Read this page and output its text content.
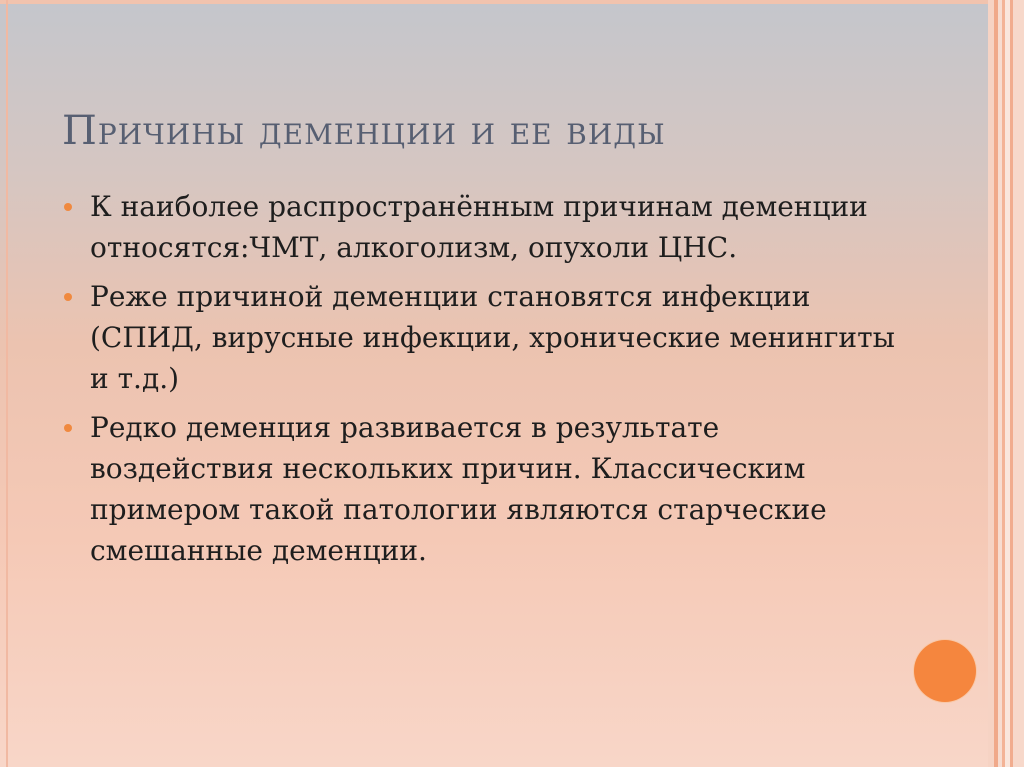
Причины деменции и ее виды
К наиболее распространённым причинам деменции относятся:ЧМТ, алкоголизм, опухоли ЦНС.
Реже причиной деменции становятся инфекции (СПИД, вирусные инфекции, хронические менингиты и т.д.)
Редко деменция развивается в результате воздействия нескольких причин. Классическим примером такой патологии являются старческие смешанные деменции.
